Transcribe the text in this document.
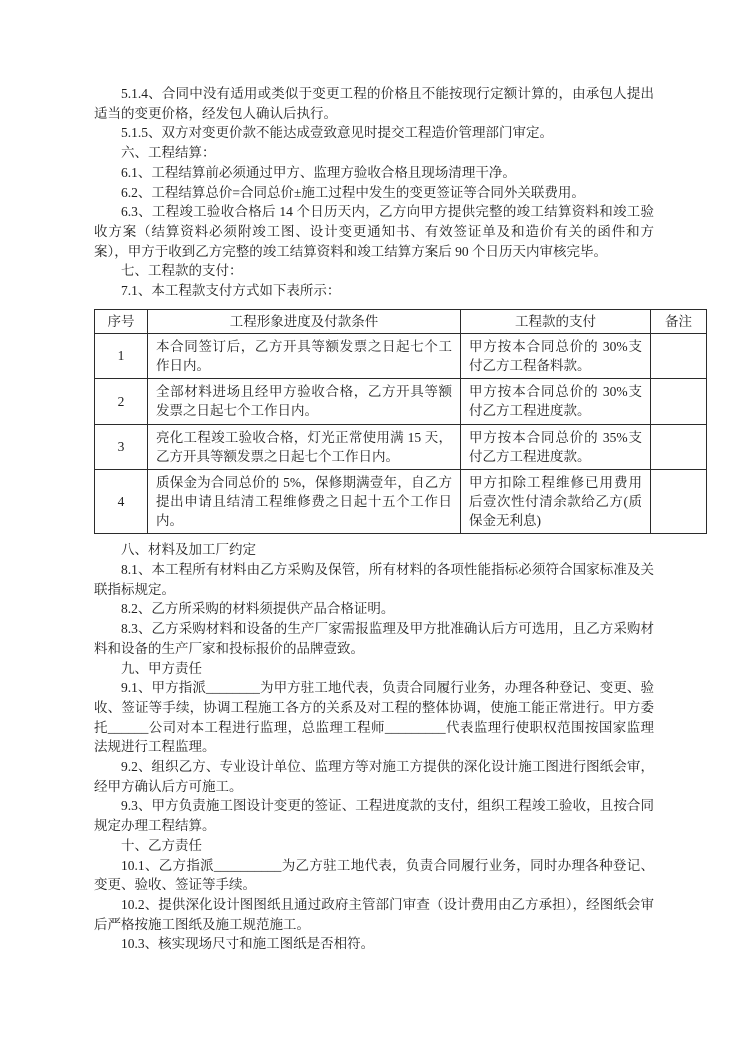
5.1.4、合同中没有适用或类似于变更工程的价格且不能按现行定额计算的，由承包人提出适当的变更价格，经发包人确认后执行。

5.1.5、双方对变更价款不能达成壹致意见时提交工程造价管理部门审定。

六、工程结算：

6.1、工程结算前必须通过甲方、监理方验收合格且现场清理干净。

6.2、工程结算总价=合同总价±施工过程中发生的变更签证等合同外关联费用。

6.3、工程竣工验收合格后 14 个日历天内，乙方向甲方提供完整的竣工结算资料和竣工验收方案（结算资料必须附竣工图、设计变更通知书、有效签证单及和造价有关的函件和方案），甲方于收到乙方完整的竣工结算资料和竣工结算方案后 90 个日历天内审核完毕。

七、工程款的支付：

7.1、本工程款支付方式如下表所示：

序号	工程形象进度及付款条件	工程款的支付	备注
1	本合同签订后，乙方开具等额发票之日起七个工作日内。	甲方按本合同总价的 30%支付乙方工程备料款。	
2	全部材料进场且经甲方验收合格，乙方开具等额发票之日起七个工作日内。	甲方按本合同总价的 30%支付乙方工程进度款。	
3	亮化工程竣工验收合格，灯光正常使用满 15 天，乙方开具等额发票之日起七个工作日内。	甲方按本合同总价的 35%支付乙方工程进度款。	
4	质保金为合同总价的 5%，保修期满壹年，自乙方提出申请且结清工程维修费之日起十五个工作日内。	甲方扣除工程维修已用费用后壹次性付清余款给乙方(质保金无利息)	

八、材料及加工厂约定

8.1、本工程所有材料由乙方采购及保管，所有材料的各项性能指标必须符合国家标准及关联指标规定。

8.2、乙方所采购的材料须提供产品合格证明。

8.3、乙方采购材料和设备的生产厂家需报监理及甲方批准确认后方可选用，且乙方采购材料和设备的生产厂家和投标报价的品牌壹致。

九、甲方责任

9.1、甲方指派________为甲方驻工地代表，负责合同履行业务，办理各种登记、变更、验收、签证等手续，协调工程施工各方的关系及对工程的整体协调，使施工能正常进行。甲方委托______公司对本工程进行监理，总监理工程师_________代表监理行使职权范围按国家监理法规进行工程监理。

9.2、组织乙方、专业设计单位、监理方等对施工方提供的深化设计施工图进行图纸会审，经甲方确认后方可施工。

9.3、甲方负责施工图设计变更的签证、工程进度款的支付，组织工程竣工验收，且按合同规定办理工程结算。

十、乙方责任

10.1、乙方指派__________为乙方驻工地代表，负责合同履行业务，同时办理各种登记、变更、验收、签证等手续。

10.2、提供深化设计图图纸且通过政府主管部门审查（设计费用由乙方承担），经图纸会审后严格按施工图纸及施工规范施工。

10.3、核实现场尺寸和施工图纸是否相符。
